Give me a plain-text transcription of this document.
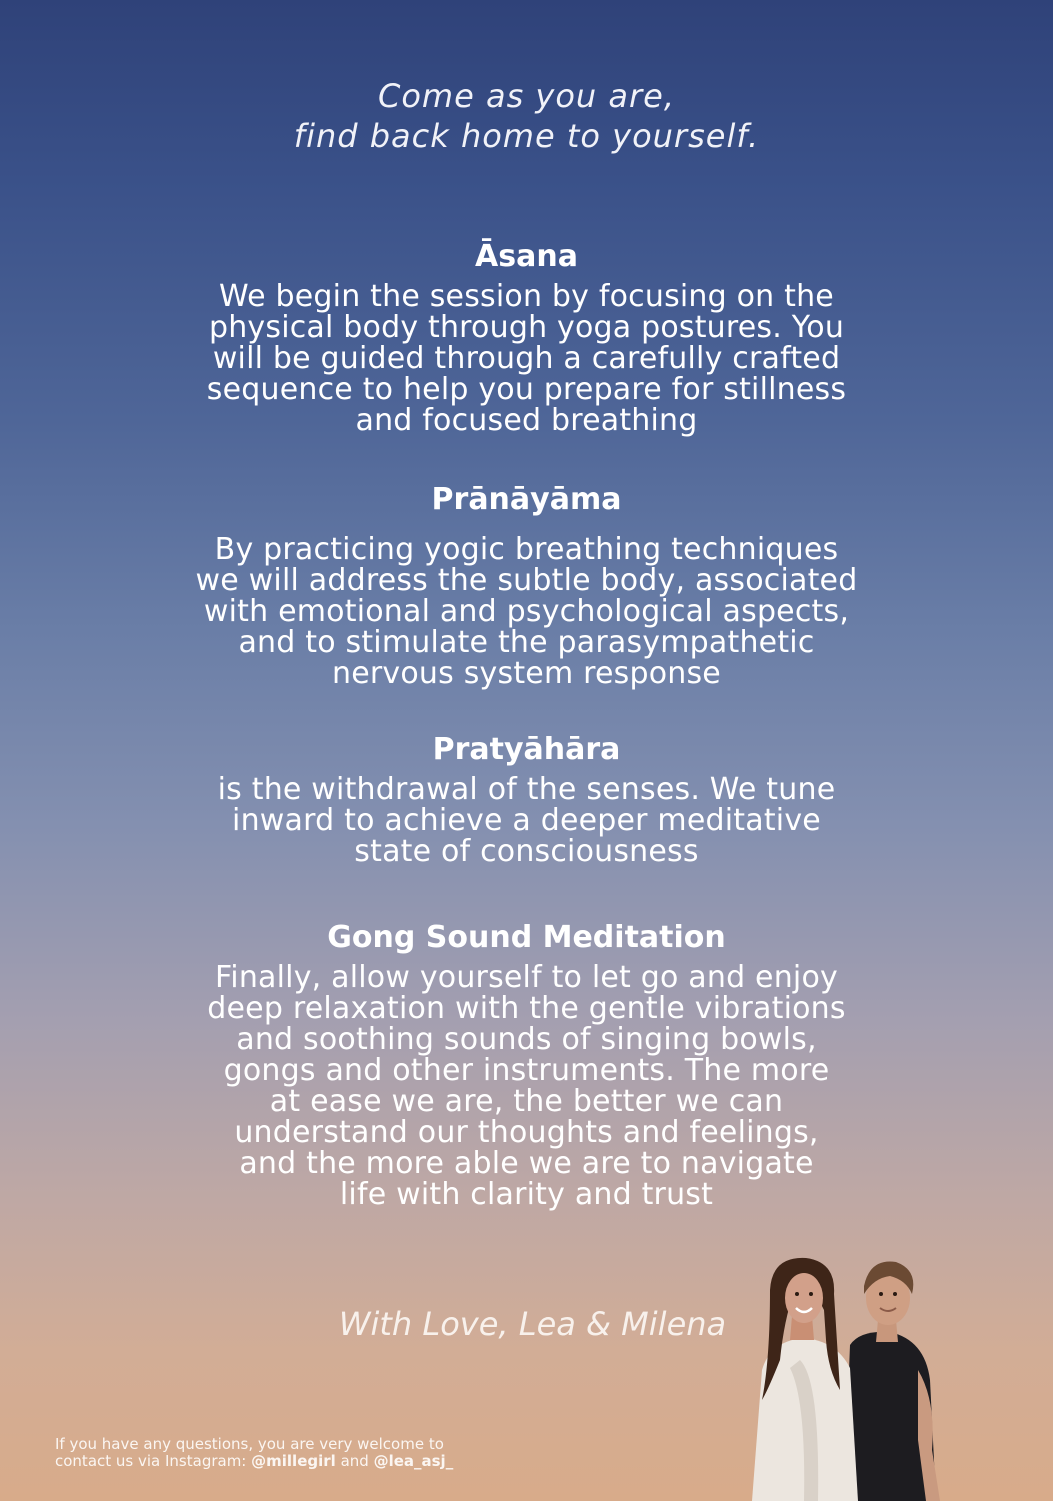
Come as you are,
find back home to yourself.
Āsana

We begin the session by focusing on the
physical body through yoga postures. You
will be guided through a carefully crafted
sequence to help you prepare for stillness
and focused breathing

Prānāyāma

By practicing yogic breathing techniques
we will address the subtle body, associated
with emotional and psychological aspects,
and to stimulate the parasympathetic
nervous system response

Pratyāhāra

is the withdrawal of the senses. We tune
inward to achieve a deeper meditative
state of consciousness

Gong Sound Meditation

Finally, allow yourself to let go and enjoy
deep relaxation with the gentle vibrations
and soothing sounds of singing bowls,
gongs and other instruments. The more
at ease we are, the better we can
understand our thoughts and feelings,
and the more able we are to navigate
life with clarity and trust

With Love, Lea & Milena
If you have any questions, you are very welcome to
contact us via Instagram: @millegirl and @lea_asj_
